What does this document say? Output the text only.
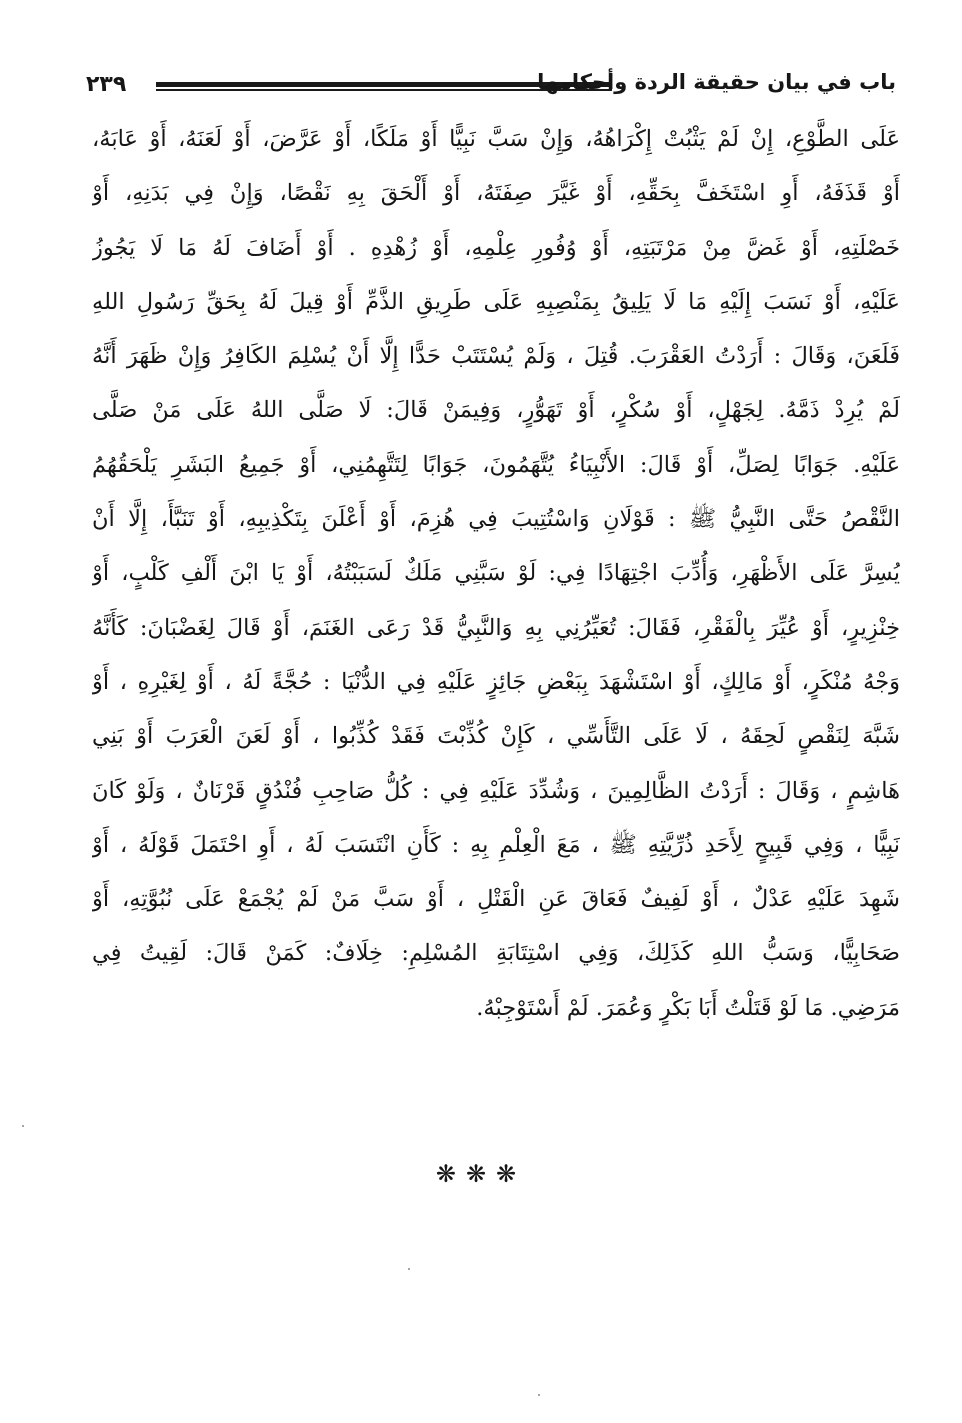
٢٣٩	باب في بيان حقيقة الردة وأحكامها
عَلَى الطَّوْعِ، إِنْ لَمْ يَثْبُتْ إِكْرَاهُهُ، وَإِنْ سَبَّ نَبِيًّا أَوْ مَلَكًا، أَوْ عَرَّضَ، أَوْ لَعَنَهُ، أَوْ عَابَهُ،
أَوْ قَذَفَهُ، أَوِ اسْتَخَفَّ بِحَقِّهِ، أَوْ غَيَّرَ صِفَتَهُ، أَوْ أَلْحَقَ بِهِ نَقْصًا، وَإِنْ فِي بَدَنِهِ، أَوْ
خَصْلَتِهِ، أَوْ غَضَّ مِنْ مَرْتَبَتِهِ، أَوْ وُفُورِ عِلْمِهِ، أَوْ زُهْدِهِ . أَوْ أَضَافَ لَهُ مَا لَا يَجُوزُ
عَلَيْهِ، أَوْ نَسَبَ إِلَيْهِ مَا لَا يَلِيقُ بِمَنْصِبِهِ عَلَى طَرِيقِ الذَّمِّ أَوْ قِيلَ لَهُ بِحَقِّ رَسُولِ اللهِ
فَلَعَنَ، وَقَالَ : أَرَدْتُ العَقْرَبَ. قُتِلَ ، وَلَمْ يُسْتَتَبْ حَدًّا إِلَّا أَنْ يُسْلِمَ الكَافِرُ وَإِنْ ظَهَرَ أَنَّهُ
لَمْ يُرِدْ ذَمَّهُ. لِجَهْلٍ، أَوْ سُكْرٍ، أَوْ تَهَوُّرٍ، وَفِيمَنْ قَالَ: لَا صَلَّى اللهُ عَلَى مَنْ صَلَّى
عَلَيْهِ. جَوَابًا لِصَلِّ، أَوْ قَالَ: الأَنْبِيَاءُ يُتَّهَمُونَ، جَوَابًا لِتَتَّهِمُنِي، أَوْ جَمِيعُ البَشَرِ يَلْحَقُهُمُ
النَّقْصُ حَتَّى النَّبِيُّ ﷺ : قَوْلَانِ وَاسْتُتِيبَ فِي هُزِمَ، أَوْ أَعْلَنَ بِتَكْذِيبِهِ، أَوْ تَنَبَّأَ، إِلَّا أَنْ
يُسِرَّ عَلَى الأَظْهَرِ، وَأُدِّبَ اجْتِهَادًا فِي: لَوْ سَبَّنِي مَلَكٌ لَسَبَبْتُهُ، أَوْ يَا ابْنَ أَلْفِ كَلْبٍ، أَوْ
خِنْزِيرٍ، أَوْ عُيِّرَ بِالْفَقْرِ، فَقَالَ: تُعَيِّرُنِي بِهِ وَالنَّبِيُّ قَدْ رَعَى الغَنَمَ، أَوْ قَالَ لِغَضْبَانَ: كَأَنَّهُ
وَجْهُ مُنْكَرٍ، أَوْ مَالِكٍ، أَوْ اسْتَشْهَدَ بِبَعْضِ جَائِزٍ عَلَيْهِ فِي الدُّنْيَا : حُجَّةً لَهُ ، أَوْ لِغَيْرِهِ ، أَوْ
شَبَّهَ لِنَقْصٍ لَحِقَهُ ، لَا عَلَى التَّأَسِّي ، كَإِنْ كُذِّبْتَ فَقَدْ كُذِّبُوا ، أَوْ لَعَنَ الْعَرَبَ أَوْ بَنِي
هَاشِمٍ ، وَقَالَ : أَرَدْتُ الظَّالِمِينَ ، وَشُدِّدَ عَلَيْهِ فِي : كُلُّ صَاحِبِ فُنْدُقٍ قَرْنَانٌ ، وَلَوْ كَانَ
نَبِيًّا ، وَفِي قَبِيحٍ لِأَحَدِ ذُرِّيَّتِهِ ﷺ ، مَعَ الْعِلْمِ بِهِ : كَأَنِ انْتَسَبَ لَهُ ، أَوِ احْتَمَلَ قَوْلَهُ ، أَوْ
شَهِدَ عَلَيْهِ عَدْلٌ ، أَوْ لَفِيفٌ فَعَاقَ عَنِ الْقَتْلِ ، أَوْ سَبَّ مَنْ لَمْ يُجْمَعْ عَلَى نُبُوَّتِهِ، أَوْ
صَحَابِيًّا، وَسَبُّ اللهِ كَذَلِكَ، وَفِي اسْتِتَابَةِ المُسْلِمِ: خِلَافٌ: كَمَنْ قَالَ: لَقِيتُ فِي
مَرَضِي. مَا لَوْ قَتَلْتُ أَبَا بَكْرٍ وَعُمَرَ. لَمْ أَسْتَوْجِبْهُ.
❋❋❋
